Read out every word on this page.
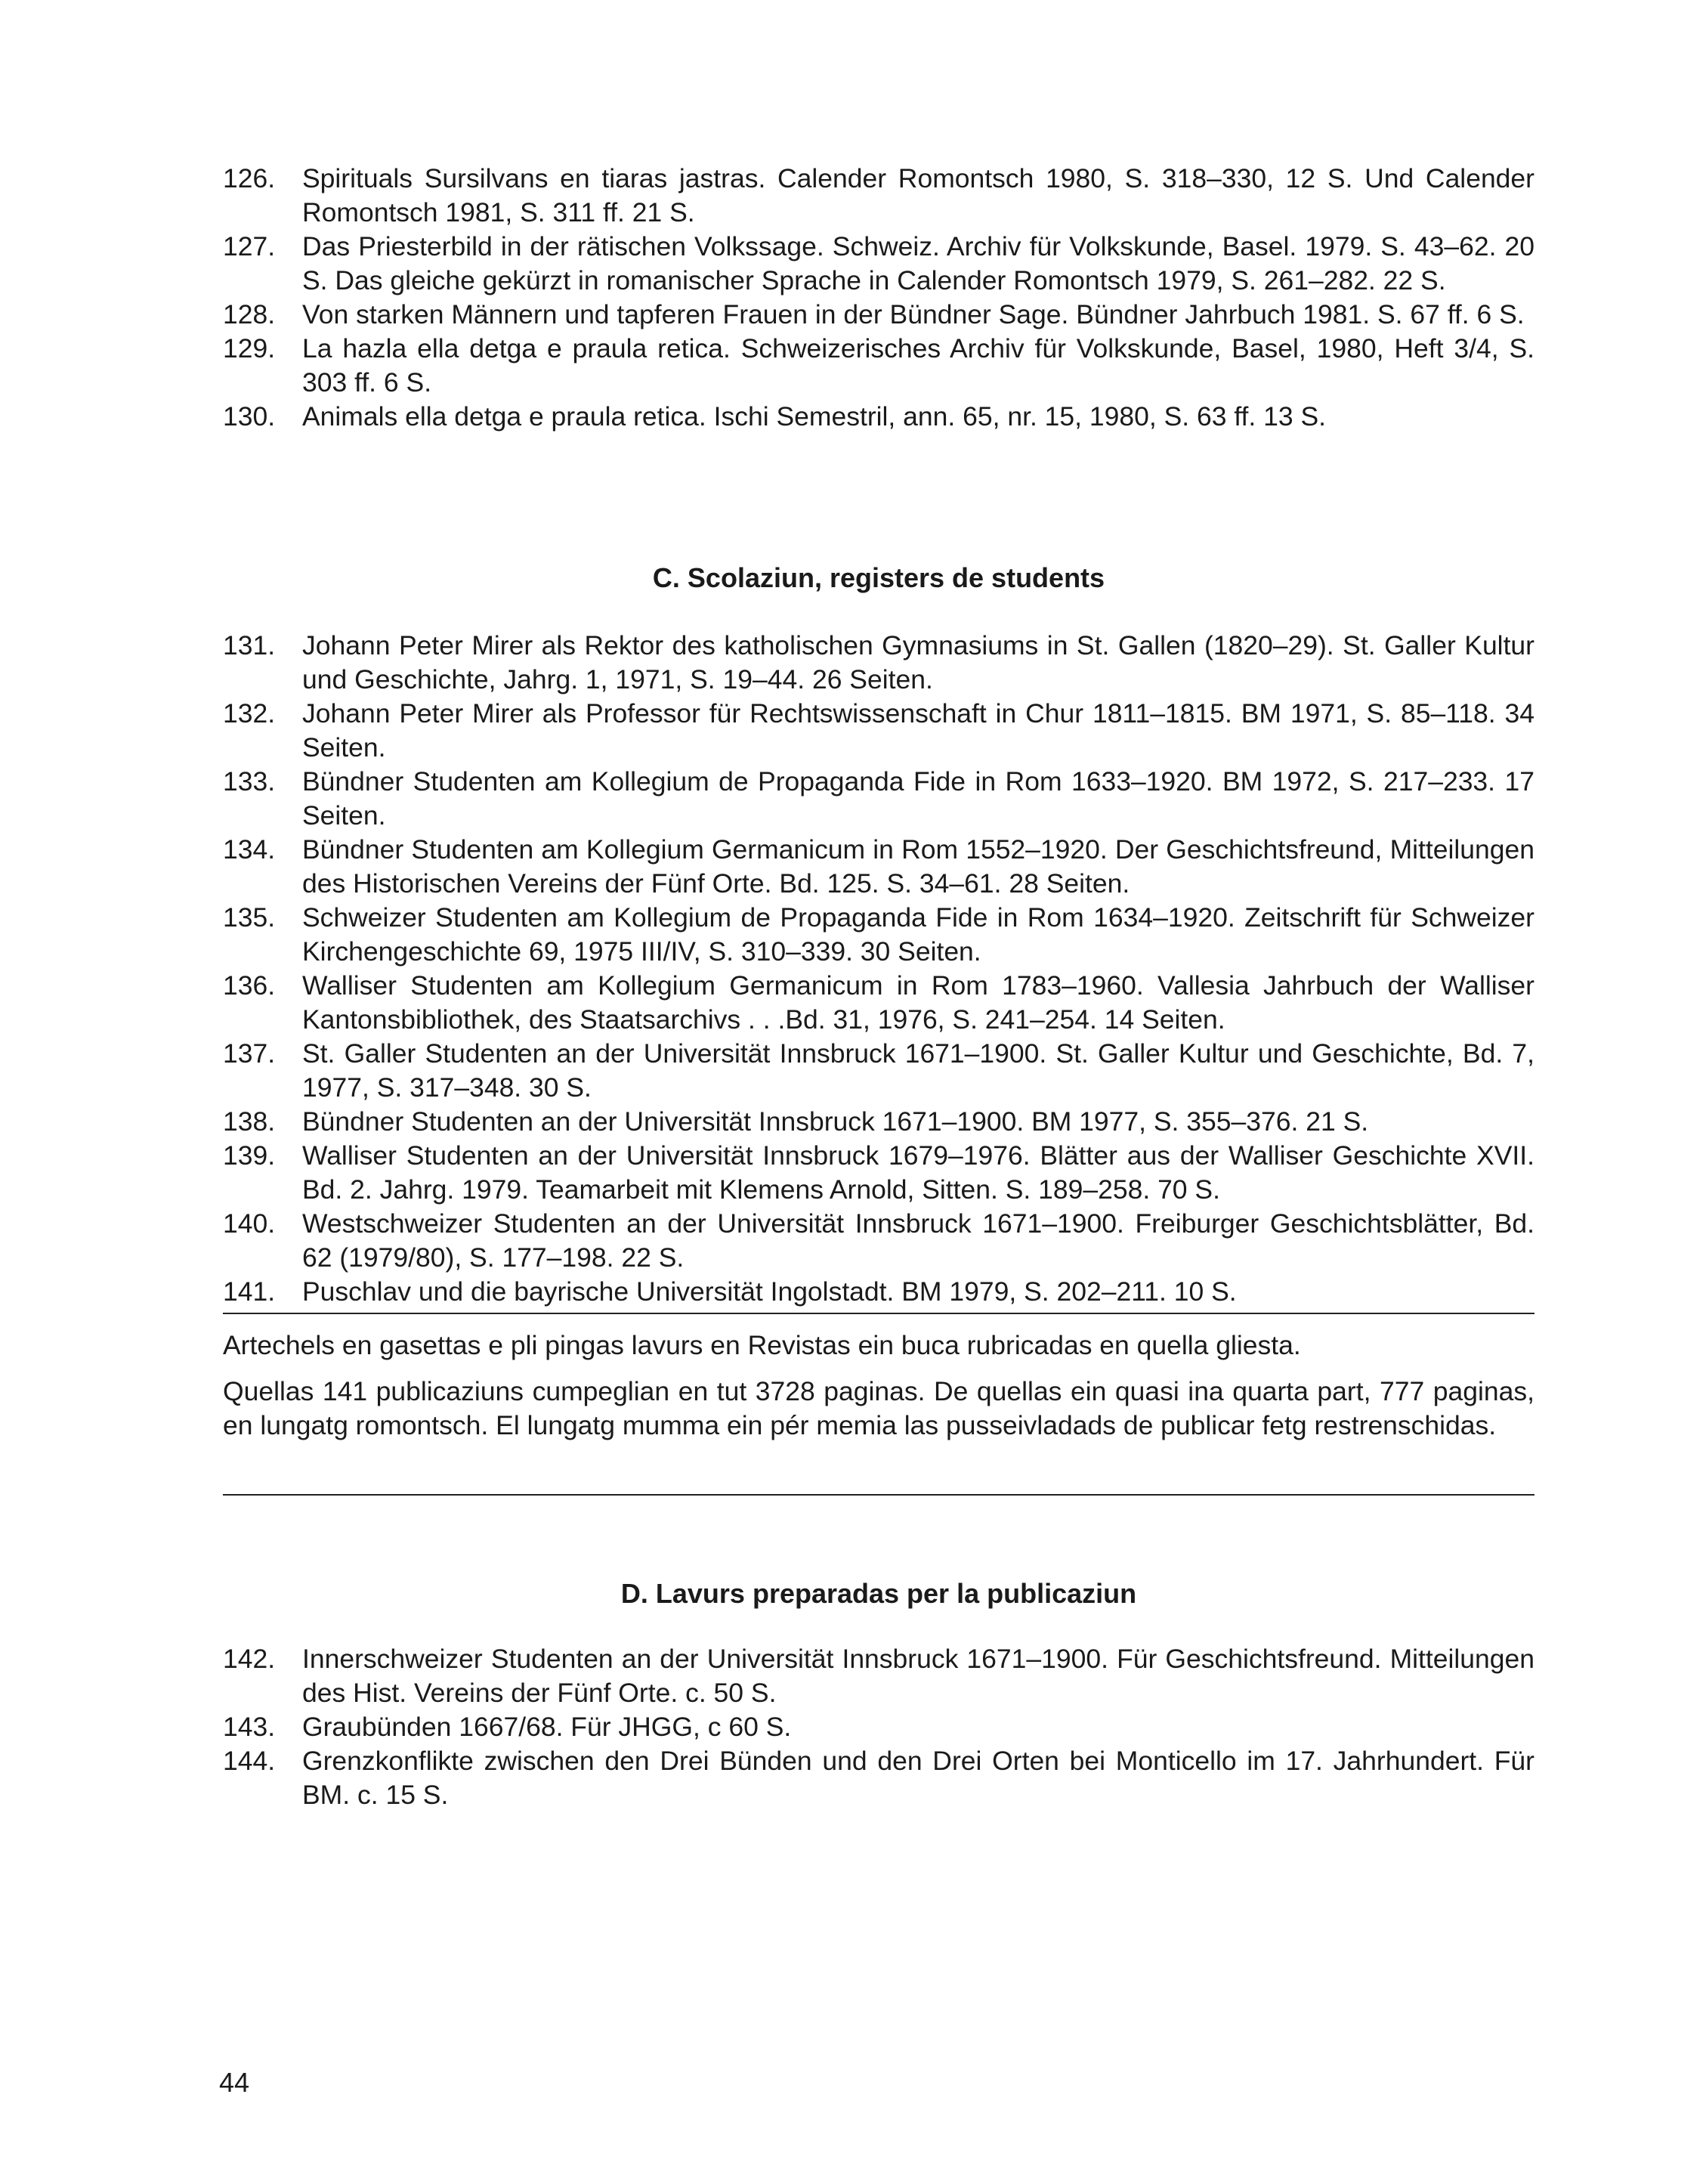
126.	Spirituals Sursilvans en tiaras jastras. Calender Romontsch 1980, S. 318–330, 12 S. Und Calender Romontsch 1981, S. 311 ff. 21 S.
127.	Das Priesterbild in der rätischen Volkssage. Schweiz. Archiv für Volkskunde, Basel. 1979. S. 43–62. 20 S. Das gleiche gekürzt in romanischer Sprache in Calender Romontsch 1979, S. 261–282. 22 S.
128.	Von starken Männern und tapferen Frauen in der Bündner Sage. Bündner Jahrbuch 1981. S. 67 ff. 6 S.
129.	La hazla ella detga e praula retica. Schweizerisches Archiv für Volkskunde, Basel, 1980, Heft 3/4, S. 303 ff. 6 S.
130.	Animals ella detga e praula retica. Ischi Semestril, ann. 65, nr. 15, 1980, S. 63 ff. 13 S.
C. Scolaziun, registers de students
131.	Johann Peter Mirer als Rektor des katholischen Gymnasiums in St. Gallen (1820–29). St. Galler Kultur und Geschichte, Jahrg. 1, 1971, S. 19–44. 26 Seiten.
132.	Johann Peter Mirer als Professor für Rechtswissenschaft in Chur 1811–1815. BM 1971, S. 85–118. 34 Seiten.
133.	Bündner Studenten am Kollegium de Propaganda Fide in Rom 1633–1920. BM 1972, S. 217–233. 17 Seiten.
134.	Bündner Studenten am Kollegium Germanicum in Rom 1552–1920. Der Geschichtsfreund, Mitteilungen des Historischen Vereins der Fünf Orte. Bd. 125. S. 34–61. 28 Seiten.
135.	Schweizer Studenten am Kollegium de Propaganda Fide in Rom 1634–1920. Zeitschrift für Schweizer Kirchengeschichte 69, 1975 III/IV, S. 310–339. 30 Seiten.
136.	Walliser Studenten am Kollegium Germanicum in Rom 1783–1960. Vallesia Jahrbuch der Walliser Kantonsbibliothek, des Staatsarchivs . . .Bd. 31, 1976, S. 241–254. 14 Seiten.
137.	St. Galler Studenten an der Universität Innsbruck 1671–1900. St. Galler Kultur und Geschichte, Bd. 7, 1977, S. 317–348. 30 S.
138.	Bündner Studenten an der Universität Innsbruck 1671–1900. BM 1977, S. 355–376. 21 S.
139.	Walliser Studenten an der Universität Innsbruck 1679–1976. Blätter aus der Walliser Geschichte XVII. Bd. 2. Jahrg. 1979. Teamarbeit mit Klemens Arnold, Sitten. S. 189–258. 70 S.
140.	Westschweizer Studenten an der Universität Innsbruck 1671–1900. Freiburger Geschichtsblätter, Bd. 62 (1979/80), S. 177–198. 22 S.
141.	Puschlav und die bayrische Universität Ingolstadt. BM 1979, S. 202–211. 10 S.

Artechels en gasettas e pli pingas lavurs en Revistas ein buca rubricadas en quella gliesta.

Quellas 141 publicaziuns cumpeglian en tut 3728 paginas. De quellas ein quasi ina quarta part, 777 paginas, en lungatg romontsch. El lungatg mumma ein pér memia las pusseivladads de publicar fetg restrenschidas.

D. Lavurs preparadas per la publicaziun
142.	Innerschweizer Studenten an der Universität Innsbruck 1671–1900. Für Geschichtsfreund. Mitteilungen des Hist. Vereins der Fünf Orte. c. 50 S.
143.	Graubünden 1667/68. Für JHGG, c 60 S.
144.	Grenzkonflikte zwischen den Drei Bünden und den Drei Orten bei Monticello im 17. Jahrhundert. Für BM. c. 15 S.
44
